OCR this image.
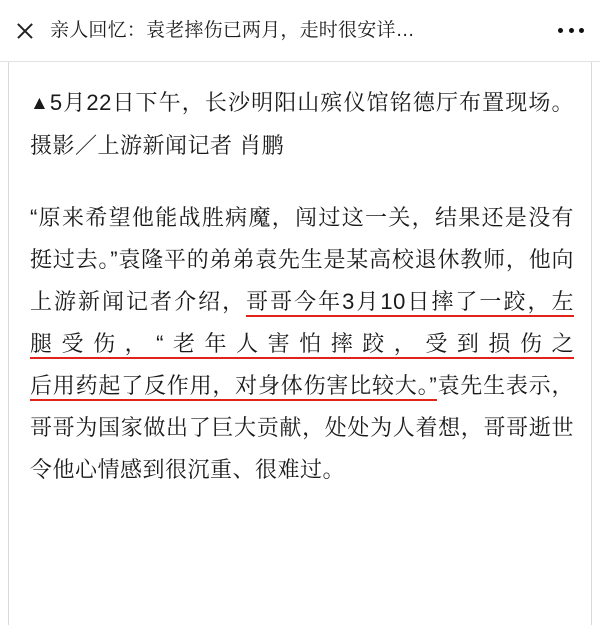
亲人回忆：袁老摔伤已两月，走时很安详…

▲5月22日下午，长沙明阳山殡仪馆铭德厅布置现场。摄影／上游新闻记者 肖鹏

“原来希望他能战胜病魔，闯过这一关，结果还是没有挺过去。”袁隆平的弟弟袁先生是某高校退休教师，他向上游新闻记者介绍，哥哥今年3月10日摔了一跤，左腿受伤，“老年人害怕摔跤，受到损伤之后用药起了反作用，对身体伤害比较大。”袁先生表示，哥哥为国家做出了巨大贡献，处处为人着想，哥哥逝世令他心情感到很沉重、很难过。
